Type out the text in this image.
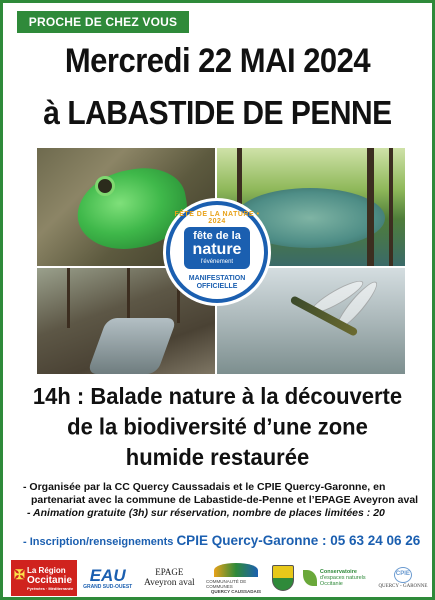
PROCHE DE CHEZ VOUS
Mercredi 22 MAI 2024
à LABASTIDE DE PENNE
FÊTE DE LA NATURE • 2024
fête de la
nature
l'événement
MANIFESTATION OFFICIELLE
14h : Balade nature à la découverte
de la biodiversité d’une zone
humide restaurée
- Organisée par la CC Quercy Caussadais et le CPIE Quercy-Garonne, en
partenariat avec la commune de Labastide-de-Penne et l’EPAGE Aveyron aval
- Animation gratuite (3h) sur réservation, nombre de places limitées : 20
- Inscription/renseignements CPIE Quercy-Garonne : 05 63 24 06 26
✠ La Région
Occitanie
Pyrénées · Méditerranée
EAU
GRAND SUD-OUEST
EPAGE
Aveyron aval	COMMUNAUTÉ DE COMMUNES
QUERCY CAUSSADAIS
Conservatoire
d'espaces naturels
Occitanie
CPIE
QUERCY - GARONNE
